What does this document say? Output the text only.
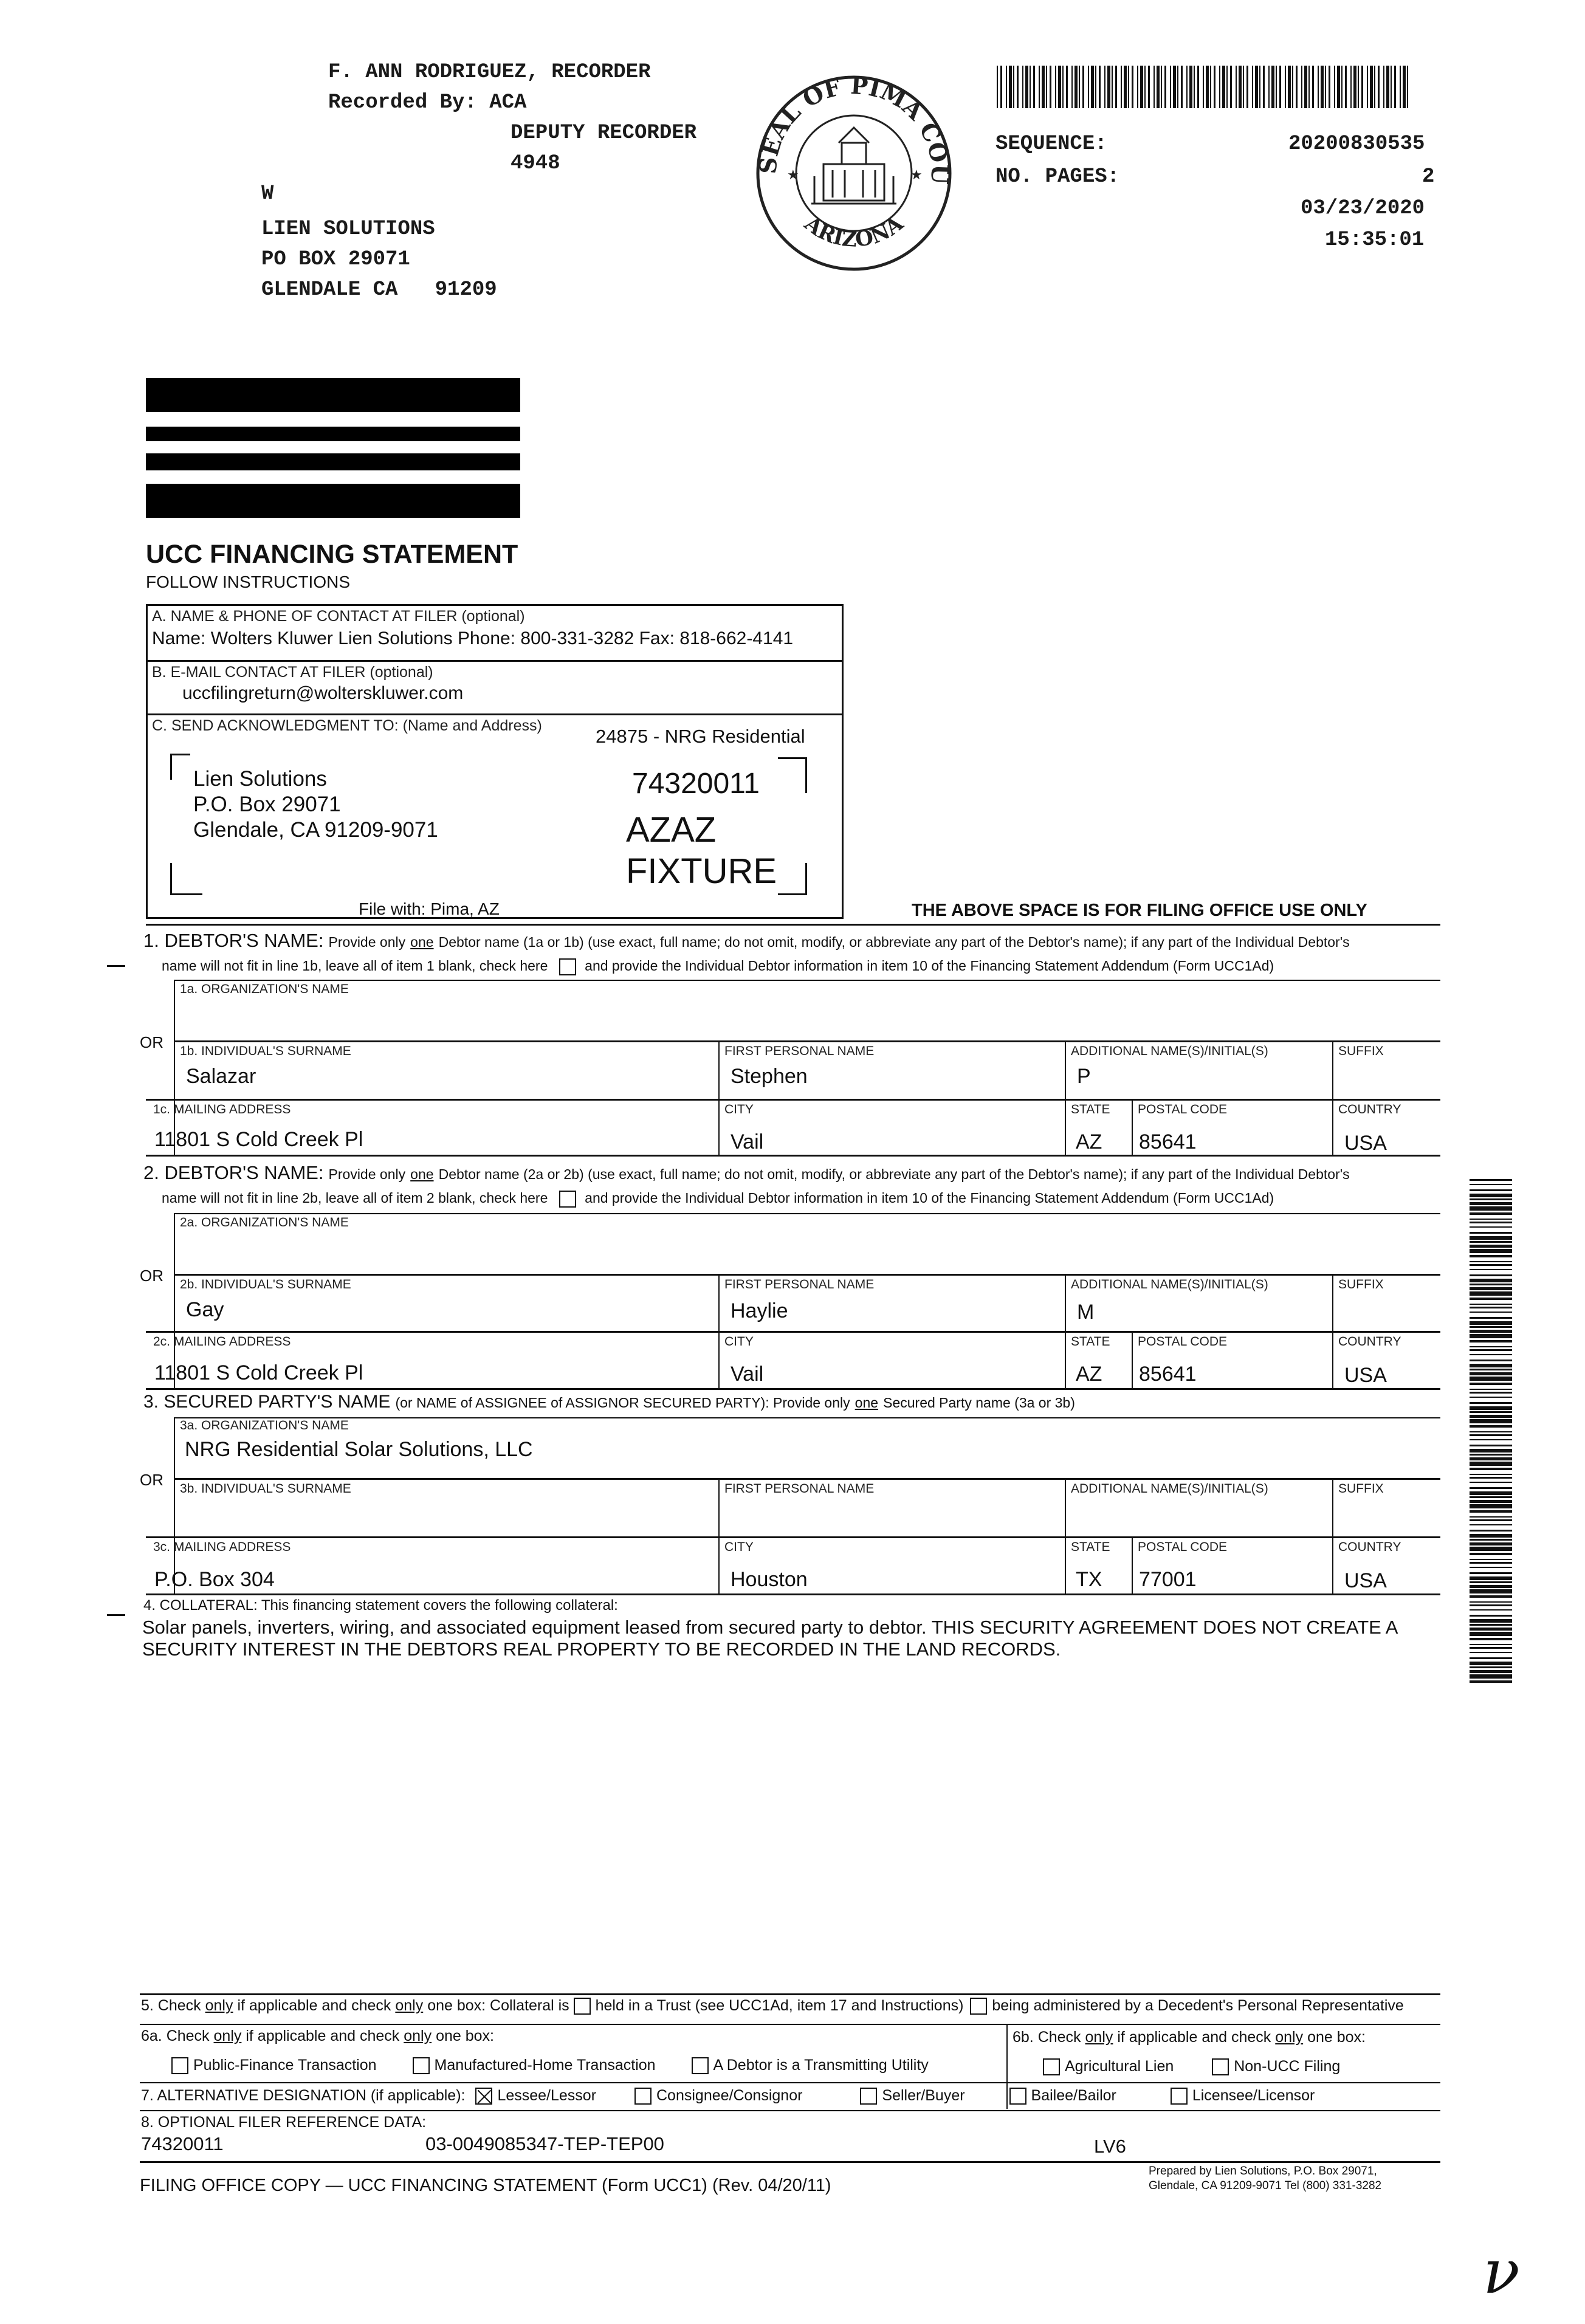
F. ANN RODRIGUEZ, RECORDER
Recorded By: ACA
DEPUTY RECORDER
4948
W
LIEN SOLUTIONS
PO BOX 29071
GLENDALE CA   91209
SEAL OF PIMA COU
ARIZONA
★	★
SEQUENCE:	20200830535
NO. PAGES:	2
03/23/2020
15:35:01
UCC FINANCING STATEMENT
FOLLOW INSTRUCTIONS
A. NAME & PHONE OF CONTACT AT FILER (optional)
Name: Wolters Kluwer Lien Solutions Phone: 800-331-3282 Fax: 818-662-4141
B. E-MAIL CONTACT AT FILER (optional)
uccfilingreturn@wolterskluwer.com
C. SEND ACKNOWLEDGMENT TO: (Name and Address)	24875 - NRG Residential
Lien Solutions
P.O. Box 29071
Glendale, CA 91209-9071
74320011
AZAZ
FIXTURE
File with: Pima, AZ	THE ABOVE SPACE IS FOR FILING OFFICE USE ONLY
1. DEBTOR'S NAME: Provide only one Debtor name (1a or 1b) (use exact, full name; do not omit, modify, or abbreviate any part of the Debtor's name); if any part of the Individual Debtor's
name will not fit in line 1b, leave all of item 1 blank, check here	and provide the Individual Debtor information in item 10 of the Financing Statement Addendum (Form UCC1Ad)
1a. ORGANIZATION'S NAME
OR 1b. INDIVIDUAL'S SURNAME	FIRST PERSONAL NAME	ADDITIONAL NAME(S)/INITIAL(S)	SUFFIX
Salazar	Stephen	P
1c. MAILING ADDRESS	CITY	STATE POSTAL CODE	COUNTRY
11801 S Cold Creek Pl	Vail	AZ 85641	USA
2. DEBTOR'S NAME: Provide only one Debtor name (2a or 2b) (use exact, full name; do not omit, modify, or abbreviate any part of the Debtor's name); if any part of the Individual Debtor's
name will not fit in line 2b, leave all of item 2 blank, check here	and provide the Individual Debtor information in item 10 of the Financing Statement Addendum (Form UCC1Ad)
2a. ORGANIZATION'S NAME
OR 2b. INDIVIDUAL'S SURNAME	FIRST PERSONAL NAME	ADDITIONAL NAME(S)/INITIAL(S)	SUFFIX
Gay	Haylie	M
2c. MAILING ADDRESS	CITY	STATE POSTAL CODE	COUNTRY
11801 S Cold Creek Pl	Vail	AZ 85641	USA
3. SECURED PARTY'S NAME (or NAME of ASSIGNEE of ASSIGNOR SECURED PARTY): Provide only one Secured Party name (3a or 3b)
3a. ORGANIZATION'S NAME
NRG Residential Solar Solutions, LLC
OR 3b. INDIVIDUAL'S SURNAME	FIRST PERSONAL NAME	ADDITIONAL NAME(S)/INITIAL(S)	SUFFIX
3c. MAILING ADDRESS	CITY	STATE POSTAL CODE	COUNTRY
P.O. Box 304	Houston	TX 77001	USA
4. COLLATERAL: This financing statement covers the following collateral:
Solar panels, inverters, wiring, and associated equipment leased from secured party to debtor. THIS SECURITY AGREEMENT DOES NOT CREATE A
SECURITY INTEREST IN THE DEBTORS REAL PROPERTY TO BE RECORDED IN THE LAND RECORDS.
5. Check only if applicable and check only one box: Collateral is held in a Trust (see UCC1Ad, item 17 and Instructions) being administered by a Decedent's Personal Representative
6a. Check only if applicable and check only one box:	6b. Check only if applicable and check only one box:
Public-Finance Transaction	Manufactured-Home Transaction	A Debtor is a Transmitting Utility	Agricultural Lien	Non-UCC Filing
7. ALTERNATIVE DESIGNATION (if applicable): Lessee/Lessor	Consignee/Consignor	Seller/Buyer	Bailee/Bailor	Licensee/Licensor
8. OPTIONAL FILER REFERENCE DATA:
74320011	03-0049085347-TEP-TEP00	LV6
FILING OFFICE COPY — UCC FINANCING STATEMENT (Form UCC1) (Rev. 04/20/11)
Prepared by Lien Solutions, P.O. Box 29071,
Glendale, CA 91209-9071 Tel (800) 331-3282
ν
